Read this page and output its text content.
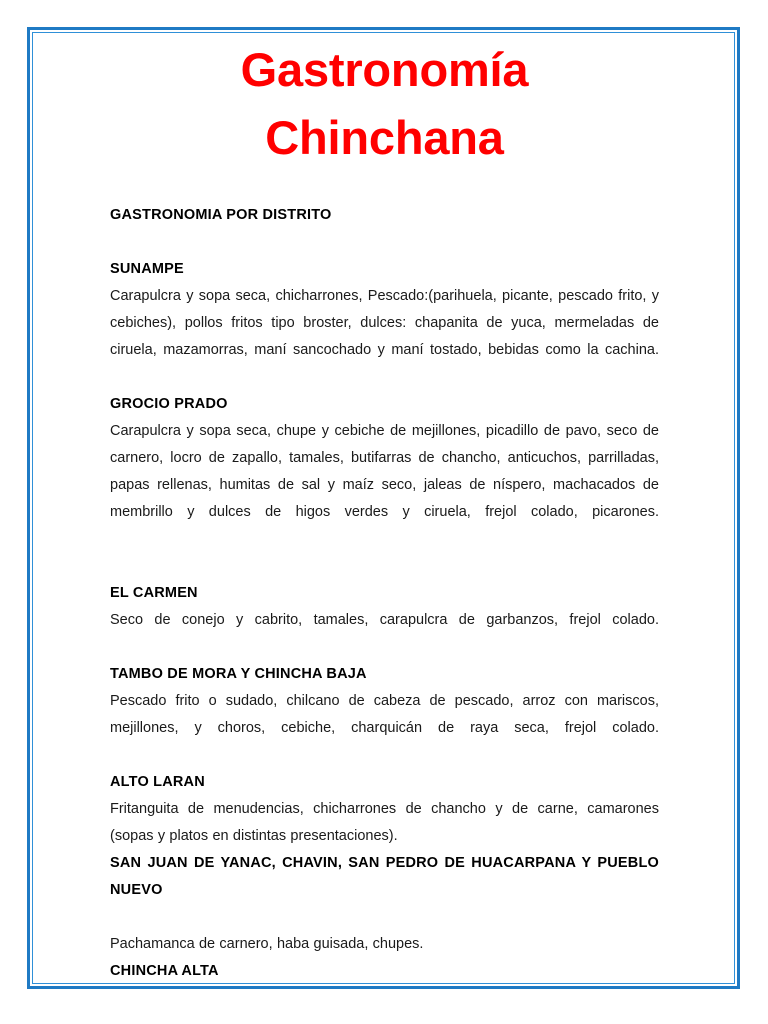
Gastronomía
Chinchana

GASTRONOMIA POR DISTRITO

SUNAMPE

Carapulcra y sopa seca, chicharrones, Pescado:(parihuela, picante, pescado frito, y cebiches), pollos fritos tipo broster, dulces: chapanita de yuca, mermeladas de ciruela, mazamorras, maní sancochado y maní tostado, bebidas como la cachina.

GROCIO PRADO

Carapulcra y sopa seca, chupe y cebiche de mejillones, picadillo de pavo, seco de carnero, locro de zapallo, tamales, butifarras de chancho, anticuchos, parrilladas, papas rellenas, humitas de sal y maíz seco, jaleas de níspero, machacados de membrillo y dulces de higos verdes y ciruela, frejol colado, picarones.

EL CARMEN

Seco de conejo y cabrito, tamales, carapulcra de garbanzos, frejol colado.

TAMBO DE MORA Y CHINCHA BAJA

Pescado frito o sudado, chilcano de cabeza de pescado, arroz con mariscos, mejillones, y choros, cebiche, charquicán de raya seca, frejol colado.

ALTO LARAN

Fritanguita de menudencias, chicharrones de chancho y de carne, camarones (sopas y platos en distintas presentaciones).

SAN JUAN DE YANAC, CHAVIN, SAN PEDRO DE HUACARPANA Y PUEBLO NUEVO

Pachamanca de carnero, haba guisada, chupes.

CHINCHA ALTA
